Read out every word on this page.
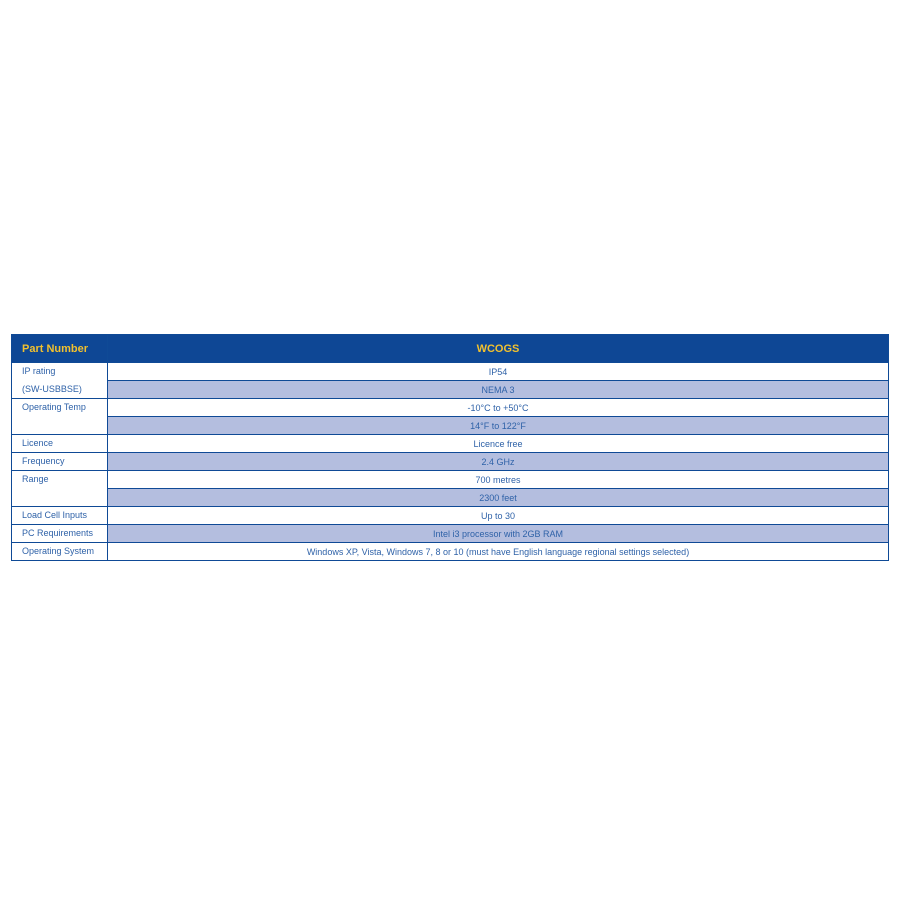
Part Number	WCOGS
IP rating	IP54
(SW-USBBSE)	NEMA 3
Operating Temp	-10°C to +50°C
	14°F to 122°F
Licence	Licence free
Frequency	2.4 GHz
Range	700 metres
	2300 feet
Load Cell Inputs	Up to 30
PC Requirements	Intel i3 processor with 2GB RAM
Operating System	Windows XP, Vista, Windows 7, 8 or 10 (must have English language regional settings selected)
